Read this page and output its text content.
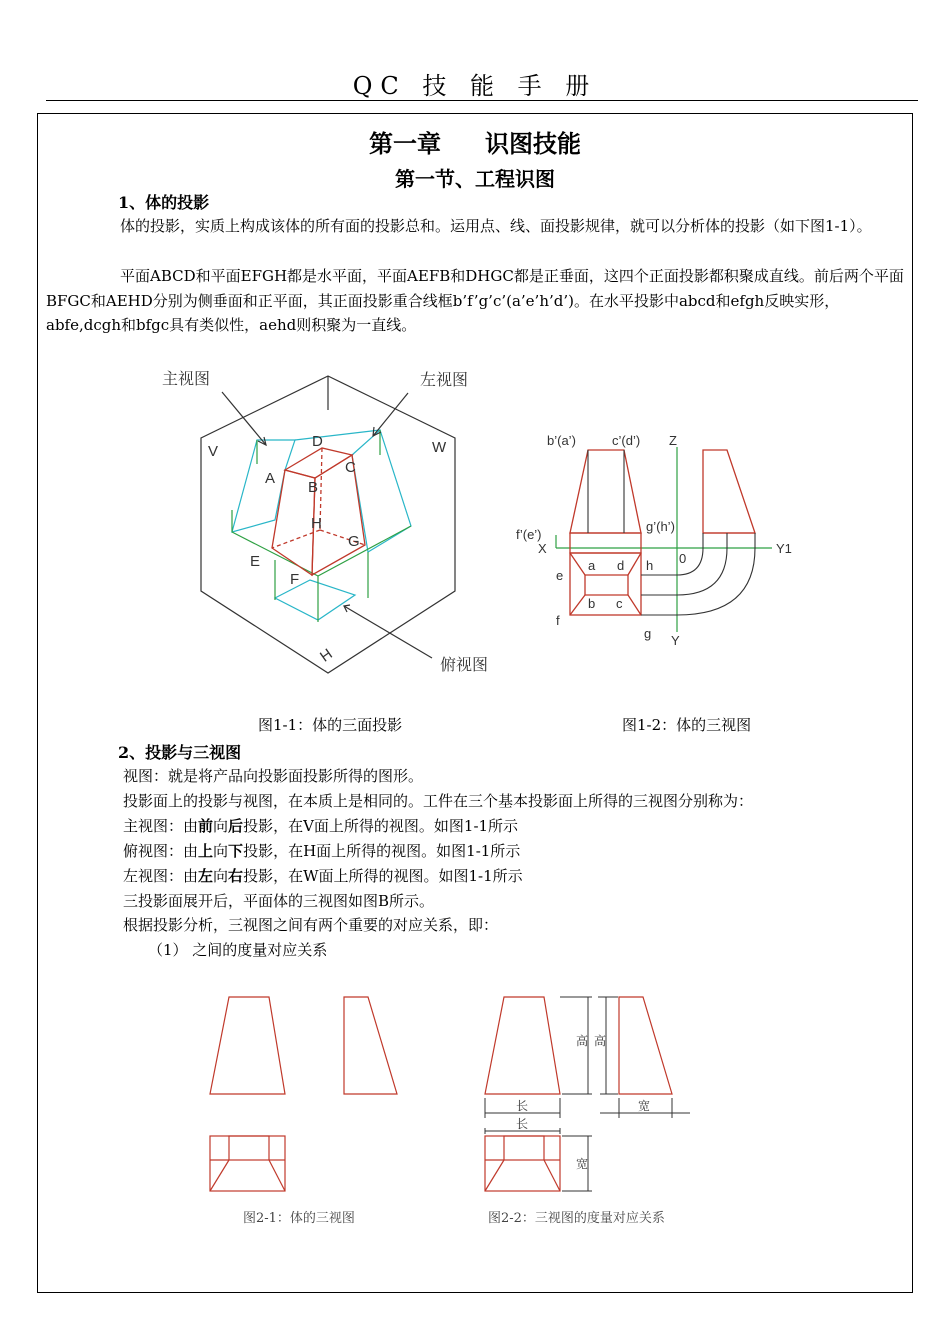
QC 技 能 手 册
第一章 识图技能
第一节、工程识图
1、体的投影
体的投影，实质上构成该体的所有面的投影总和。运用点、线、面投影规律，就可以分析体的投影（如下图1-1）。
平面ABCD和平面EFGH都是水平面，平面AEFB和DHGC都是正垂面，这四个正面投影都积聚成直线。前后两个平面BFGC和AEHD分别为侧垂面和正平面，其正面投影重合线框b’f’g’c’(a’e’h’d’)。在水平投影中abcd和efgh反映实形，abfe,dcgh和bfgc具有类似性，aehd则积聚为一直线。
主视图	左视图
俯视图
V	W
H
A
B
C
D
E
F
G
H
b’(a’)	c’(d’) Z
f’(e’)
g’(h’)
X	Y1
0
e
a d h
b c
f
g Y
图1-1：体的三面投影	图1-2：体的三视图
2、投影与三视图
视图：就是将产品向投影面投影所得的图形。
投影面上的投影与视图，在本质上是相同的。工件在三个基本投影面上所得的三视图分别称为：
主视图：由前向后投影，在V面上所得的视图。如图1-1所示
俯视图：由上向下投影，在H面上所得的视图。如图1-1所示
左视图：由左向右投影，在W面上所得的视图。如图1-1所示
三投影面展开后，平面体的三视图如图B所示。
根据投影分析，三视图之间有两个重要的对应关系，即：
（1） 之间的度量对应关系
长
长
高 高
宽
宽
图2-1：体的三视图	图2-2：三视图的度量对应关系
